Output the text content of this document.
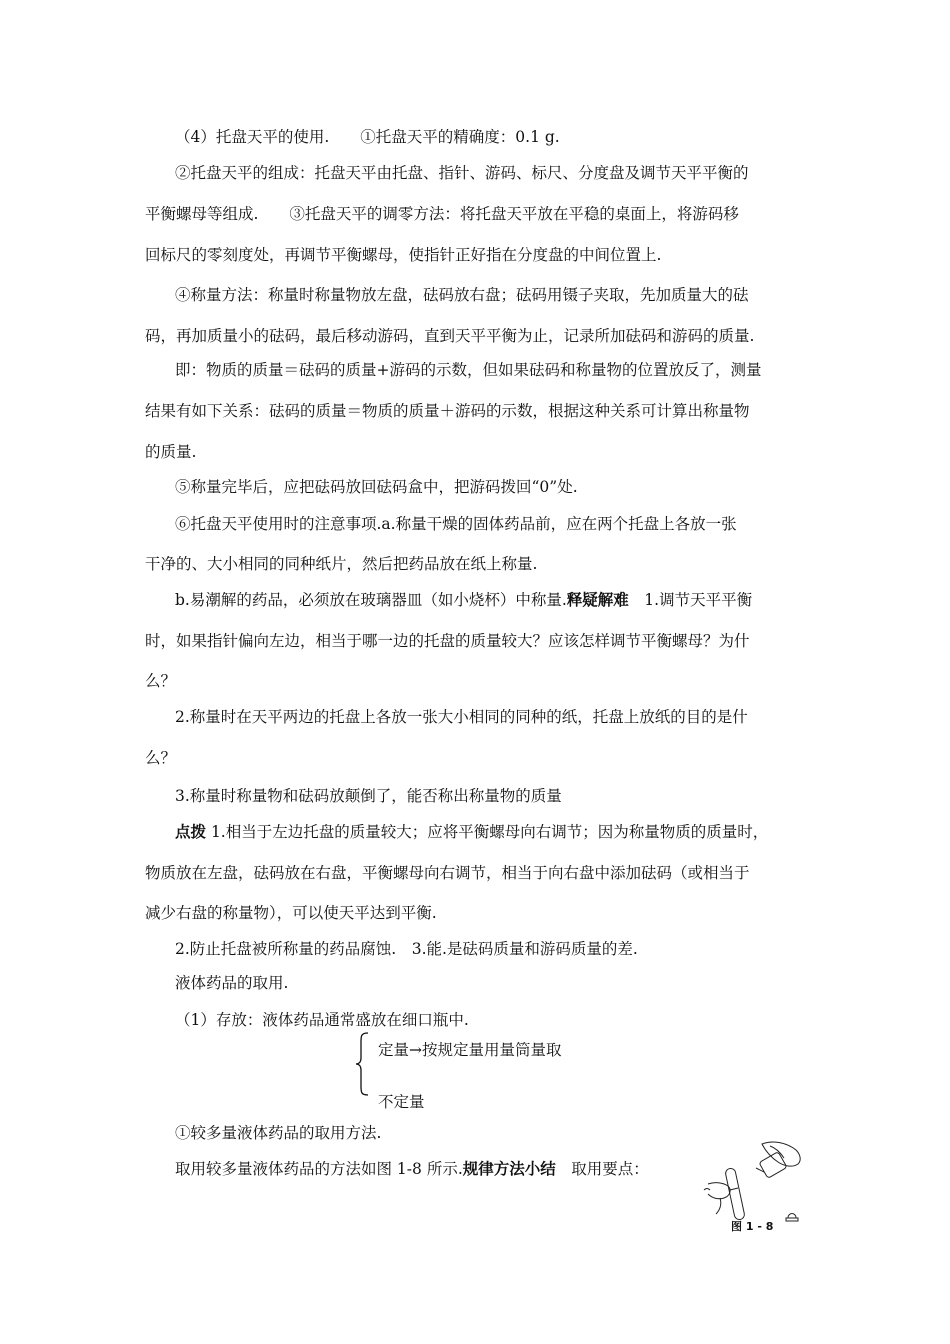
（4）托盘天平的使用.　　①托盘天平的精确度：0.1 g.
②托盘天平的组成：托盘天平由托盘、指针、游码、标尺、分度盘及调节天平平衡的
平衡螺母等组成.　　③托盘天平的调零方法：将托盘天平放在平稳的桌面上，将游码移
回标尺的零刻度处，再调节平衡螺母，使指针正好指在分度盘的中间位置上.
④称量方法：称量时称量物放左盘，砝码放右盘；砝码用镊子夹取，先加质量大的砝
码，再加质量小的砝码，最后移动游码，直到天平平衡为止，记录所加砝码和游码的质量.
即：物质的质量＝砝码的质量+游码的示数，但如果砝码和称量物的位置放反了，测量
结果有如下关系：砝码的质量＝物质的质量＋游码的示数，根据这种关系可计算出称量物
的质量.
⑤称量完毕后，应把砝码放回砝码盒中，把游码拨回“0”处.
⑥托盘天平使用时的注意事项.a.称量干燥的固体药品前，应在两个托盘上各放一张
干净的、大小相同的同种纸片，然后把药品放在纸上称量.
b.易潮解的药品，必须放在玻璃器皿（如小烧杯）中称量.释疑解难　1.调节天平平衡
时，如果指针偏向左边，相当于哪一边的托盘的质量较大？应该怎样调节平衡螺母？为什
么？
2.称量时在天平两边的托盘上各放一张大小相同的同种的纸，托盘上放纸的目的是什
么？
3.称量时称量物和砝码放颠倒了，能否称出称量物的质量
点拨 1.相当于左边托盘的质量较大；应将平衡螺母向右调节；因为称量物质的质量时，
物质放在左盘，砝码放在右盘，平衡螺母向右调节，相当于向右盘中添加砝码（或相当于
减少右盘的称量物），可以使天平达到平衡.
2.防止托盘被所称量的药品腐蚀.　3.能.是砝码质量和游码质量的差.
液体药品的取用.
（1）存放：液体药品通常盛放在细口瓶中.
定量→按规定量用量筒量取
不定量
①较多量液体药品的取用方法.
取用较多量液体药品的方法如图 1-8 所示.规律方法小结　取用要点：
图 1 - 8
